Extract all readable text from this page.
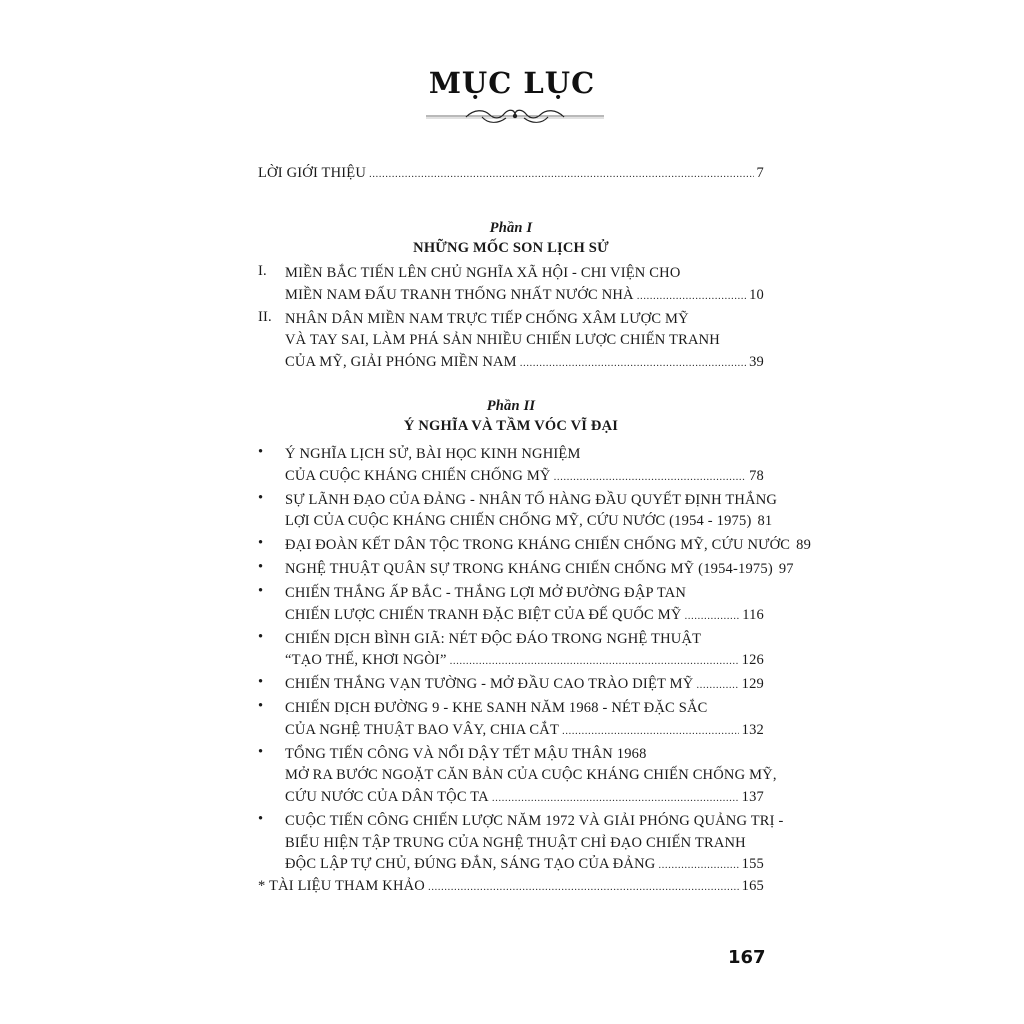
MỤC LỤC
LỜI GIỚI THIỆU .....	7
Phần I
NHỮNG MỐC SON LỊCH SỬ
I. MIỀN BẮC TIẾN LÊN CHỦ NGHĨA XÃ HỘI - CHI VIỆN CHO
MIỀN NAM ĐẤU TRANH THỐNG NHẤT NƯỚC NHÀ .....	10
II. NHÂN DÂN MIỀN NAM TRỰC TIẾP CHỐNG XÂM LƯỢC MỸ
VÀ TAY SAI, LÀM PHÁ SẢN NHIỀU CHIẾN LƯỢC CHIẾN TRANH
CỦA MỸ, GIẢI PHÓNG MIỀN NAM .....	39
Phần II
Ý NGHĨA VÀ TẦM VÓC VĨ ĐẠI
• Ý NGHĨA LỊCH SỬ, BÀI HỌC KINH NGHIỆM
CỦA CUỘC KHÁNG CHIẾN CHỐNG MỸ .....	78
• SỰ LÃNH ĐẠO CỦA ĐẢNG - NHÂN TỐ HÀNG ĐẦU QUYẾT ĐỊNH THẮNG
LỢI CỦA CUỘC KHÁNG CHIẾN CHỐNG MỸ, CỨU NƯỚC (1954 - 1975) 81
• ĐẠI ĐOÀN KẾT DÂN TỘC TRONG KHÁNG CHIẾN CHỐNG MỸ, CỨU NƯỚC 89
• NGHỆ THUẬT QUÂN SỰ TRONG KHÁNG CHIẾN CHỐNG MỸ (1954-1975) 97
• CHIẾN THẮNG ẤP BẮC - THẮNG LỢI MỞ ĐƯỜNG ĐẬP TAN
CHIẾN LƯỢC CHIẾN TRANH ĐẶC BIỆT CỦA ĐẾ QUỐC MỸ .....	116
• CHIẾN DỊCH BÌNH GIÃ: NÉT ĐỘC ĐÁO TRONG NGHỆ THUẬT
“TẠO THẾ, KHƠI NGÒI” .....	126
• CHIẾN THẮNG VẠN TƯỜNG - MỞ ĐẦU CAO TRÀO DIỆT MỸ .....	129
• CHIẾN DỊCH ĐƯỜNG 9 - KHE SANH NĂM 1968 - NÉT ĐẶC SẮC
CỦA NGHỆ THUẬT BAO VÂY, CHIA CẮT .....	132
• TỔNG TIẾN CÔNG VÀ NỔI DẬY TẾT MẬU THÂN 1968
MỞ RA BƯỚC NGOẶT CĂN BẢN CỦA CUỘC KHÁNG CHIẾN CHỐNG MỸ,
CỨU NƯỚC CỦA DÂN TỘC TA .....	137
• CUỘC TIẾN CÔNG CHIẾN LƯỢC NĂM 1972 VÀ GIẢI PHÓNG QUẢNG TRỊ -
BIỂU HIỆN TẬP TRUNG CỦA NGHỆ THUẬT CHỈ ĐẠO CHIẾN TRANH
ĐỘC LẬP TỰ CHỦ, ĐÚNG ĐẮN, SÁNG TẠO CỦA ĐẢNG .....	155
* TÀI LIỆU THAM KHẢO .....	165
167
